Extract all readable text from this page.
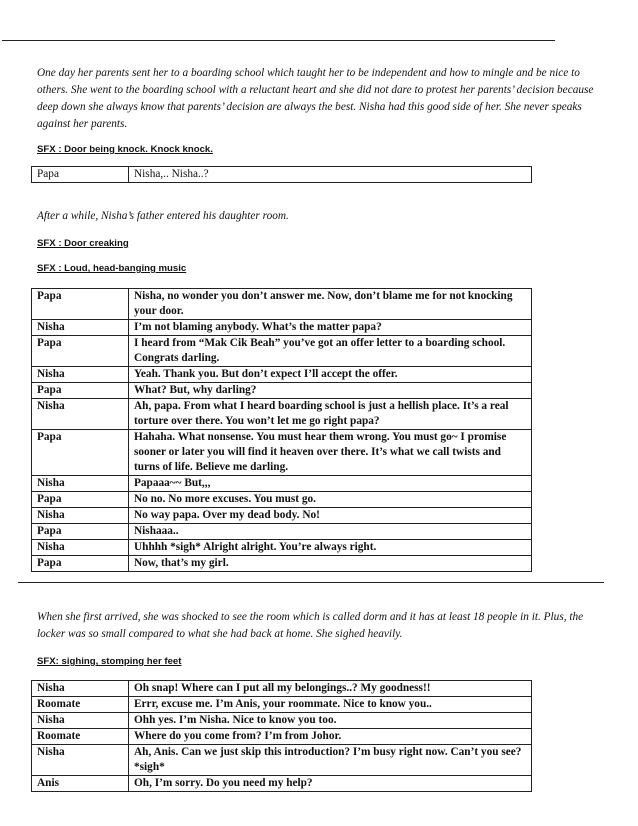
One day her parents sent her to a boarding school which taught her to be independent and how to mingle and be nice to others. She went to the boarding school with a reluctant heart and she did not dare to protest her parents’ decision because deep down she always know that parents’ decision are always the best. Nisha had this good side of her. She never speaks against her parents.

SFX : Door being knock. Knock knock.

Papa	Nisha,.. Nisha..?

After a while, Nisha’s father entered his daughter room.

SFX : Door creaking

SFX : Loud, head-banging music

Papa	Nisha, no wonder you don’t answer me. Now, don’t blame me for not knocking your door.
Nisha	I’m not blaming anybody. What’s the matter papa?
Papa	I heard from “Mak Cik Beah” you’ve got an offer letter to a boarding school. Congrats darling.
Nisha	Yeah. Thank you. But don’t expect I’ll accept the offer.
Papa	What? But, why darling?
Nisha	Ah, papa. From what I heard boarding school is just a hellish place. It’s a real torture over there. You won’t let me go right papa?
Papa	Hahaha. What nonsense. You must hear them wrong. You must go~ I promise sooner or later you will find it heaven over there. It’s what we call twists and turns of life. Believe me darling.
Nisha	Papaaa~~ But,,,
Papa	No no. No more excuses. You must go.
Nisha	No way papa. Over my dead body. No!
Papa	Nishaaa..
Nisha	Uhhhh *sigh* Alright alright. You’re always right.
Papa	Now, that’s my girl.

When she first arrived, she was shocked to see the room which is called dorm and it has at least 18 people in it. Plus, the locker was so small compared to what she had back at home. She sighed heavily.

SFX: sighing, stomping her feet

Nisha	Oh snap! Where can I put all my belongings..? My goodness!!
Roomate	Errr, excuse me. I’m Anis, your roommate. Nice to know you..
Nisha	Ohh yes. I’m Nisha. Nice to know you too.
Roomate	Where do you come from? I’m from Johor.
Nisha	Ah, Anis. Can we just skip this introduction? I’m busy right now. Can’t you see? *sigh*
Anis	Oh, I’m sorry. Do you need my help?
